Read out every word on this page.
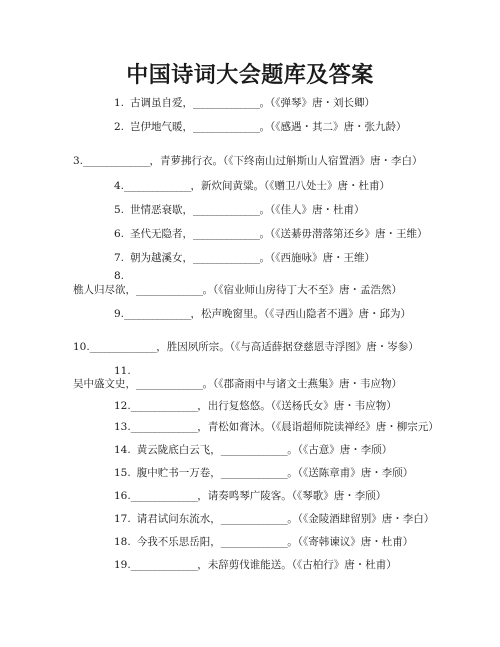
中国诗词大会题库及答案
1. 古调虽自爱，______________。（《弹琴》唐・刘长卿）
2. 岂伊地气暖，______________。（《感遇・其二》唐・张九龄）
3.______________，青萝拂行衣。（《下终南山过斛斯山人宿置酒》唐・李白）
4.______________，新炊间黄粱。（《赠卫八处士》唐・杜甫）
5. 世情恶衰歇，______________。（《佳人》唐・杜甫）
6. 圣代无隐者，______________。（《送綦毋潜落第还乡》唐・王维）
7. 朝为越溪女，______________。（《西施咏》唐・王维）
8.
樵人归尽欲，______________。（《宿业师山房待丁大不至》唐・孟浩然）
9.______________，松声晚窗里。（《寻西山隐者不遇》唐・邱为）
10.______________，胜因夙所宗。（《与高适薛据登慈恩寺浮图》唐・岑参）
11.
吴中盛文史，______________。（《郡斋雨中与诸文士燕集》唐・韦应物）
12.______________，出行复悠悠。（《送杨氏女》唐・韦应物）
13.______________，青松如膏沐。（《晨诣超师院读禅经》唐・柳宗元）
14. 黄云陇底白云飞，______________。（《古意》唐・李颀）
15. 腹中贮书一万卷，______________。（《送陈章甫》唐・李颀）
16.______________，请奏鸣琴广陵客。（《琴歌》唐・李颀）
17. 请君试问东流水，______________。（《金陵酒肆留别》唐・李白）
18. 今我不乐思岳阳，______________。（《寄韩谏议》唐・杜甫）
19.______________，未辞剪伐谁能送。（《古柏行》唐・杜甫）
